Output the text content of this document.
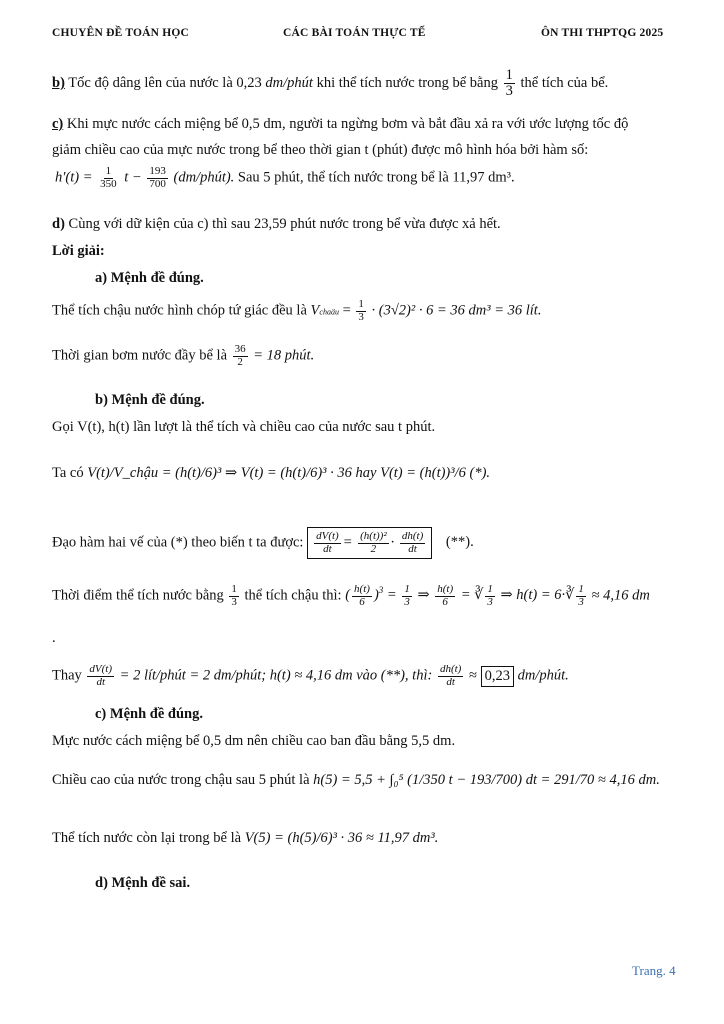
CHUYÊN ĐỀ TOÁN HỌC	CÁC BÀI TOÁN THỰC TẾ	ÔN THI THPTQG 2025
b) Tốc độ dâng lên của nước là 0,23 dm/phút khi thể tích nước trong bể bằng $\frac{1}{3}$ thể tích của bể.
c) Khi mực nước cách miệng bể 0,5 dm, người ta ngừng bơm và bắt đầu xả ra với ước lượng tốc độ
giảm chiều cao của mực nước trong bể theo thời gian t (phút) được mô hình hóa bởi hàm số:
$h'(t) = \frac{1}{350}$ $t - \frac{193}{700}$ (dm/phút). Sau 5 phút, thể tích nước trong bể là 11,97 dm³.
d) Cùng với dữ kiện của c) thì sau 23,59 phút nước trong bể vừa được xả hết.
Lời giải:
a) Mệnh đề đúng.
Thể tích chậu nước hình chóp tứ giác đều là Vchaäu = $\frac{1}{3} \cdot (3√2)^2 \cdot 6 = 36$ dm³ = 36 lít.
Thời gian bơm nước đầy bể là $\frac{36}{2} = 18$ phút.
b) Mệnh đề đúng.
Gọi V(t), h(t) lần lượt là thể tích và chiều cao của nước sau t phút.
Ta có V(t)/V_chậu = (h(t)/6)³ ⇒ V(t) = (h(t)/6)³ · 36 hay V(t) = (h(t))³/6 (*).
Đạo hàm hai vế của (*) theo biến t ta được: $\frac{dV(t)}{dt} = \frac{\text{(h(t))²}}{2} \cdot \frac{dh(t)}{dt}$ (**).
Thời điểm thể tích nước bằng $\frac{1}{3}$ thể tích chậu thì: ( $\frac{h(t)}{6} )^3 = \frac{1}{3}$ ⇒ $\frac{h(t)}{6}$ = ∛ $\frac{1}{3}$ ⇒ h(t) = 6·∛ $\frac{1}{3} \approx 4,16$ dm
.
Thay $\frac{dV(t)}{dt} = 2$ lít/phút = 2 dm/phút; h(t) ≈ 4,16 dm vào (**), thì: $\frac{dh(t)}{dt} \approx 0,23$ dm/phút.
c) Mệnh đề đúng.
Mực nước cách miệng bể 0,5 dm nên chiều cao ban đầu bằng 5,5 dm.
Chiều cao của nước trong chậu sau 5 phút là h(5) = 5,5 + ∫₀⁵ (1/350 t − 193/700) dt = 291/70 ≈ 4,16 dm.
Thể tích nước còn lại trong bể là V(5) = (h(5)/6)³ · 36 ≈ 11,97 dm³.
d) Mệnh đề sai.
Trang. 4
